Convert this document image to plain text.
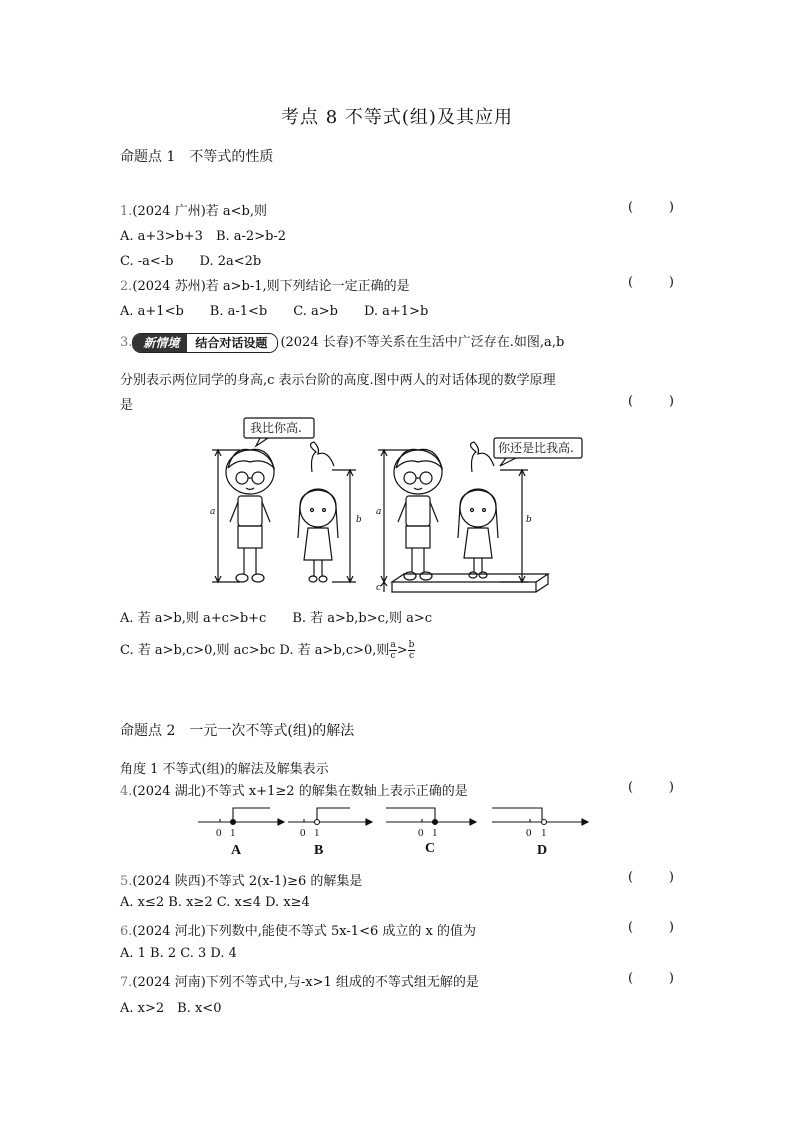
考点 8 不等式(组)及其应用
命题点 1　不等式的性质
1.(2024 广州)若 a<b,则	(	)
A. a+3>b+3　 B. a-2>b-2
C. -a<-b　　 D. 2a<2b
2.(2024 苏州)若 a>b-1,则下列结论一定正确的是	(	)
A. a+1<b　　B. a-1<b　　C. a>b　　D. a+1>b
3. 新情境	结合对话设题	(2024 长春)不等关系在生活中广泛存在.如图,a,b
分别表示两位同学的身高,c 表示台阶的高度.图中两人的对话体现的数学原理
是	(	)
a
b
a
b
c
我比你高.
你还是比我高.
A. 若 a>b,则 a+c>b+c　　B. 若 a>b,b>c,则 a>c
C. 若 a>b,c>0,则 ac>bc D. 若 a>b,c>0,则 $\frac{a}{c} > \frac{b}{c}$
命题点 2　一元一次不等式(组)的解法
角度 1 不等式(组)的解法及解集表示
4.(2024 湖北)不等式 x+1≥2 的解集在数轴上表示正确的是	(	)
0 1	0 1	0 1	0 1
A	B	C	D
5.(2024 陕西)不等式 2(x-1)≥6 的解集是	(	)
A. x≤2 B. x≥2 C. x≤4 D. x≥4
6.(2024 河北)下列数中,能使不等式 5x-1<6 成立的 x 的值为	(	)
A. 1 B. 2 C. 3 D. 4
7.(2024 河南)下列不等式中,与-x>1 组成的不等式组无解的是	(	)
A. x>2　B. x<0
